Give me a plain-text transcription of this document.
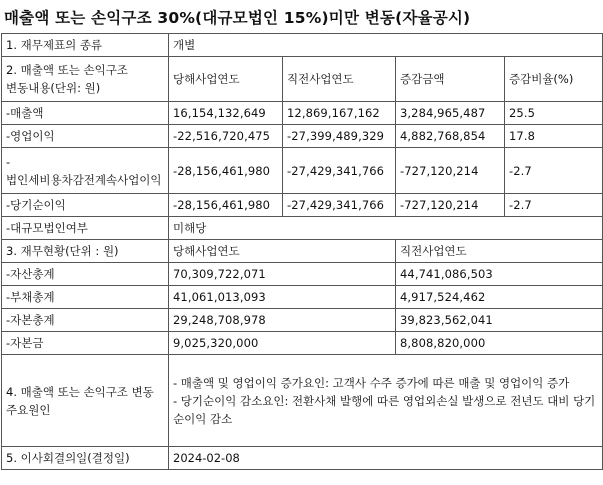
매출액 또는 손익구조 30%(대규모법인 15%)미만 변동(자율공시)
1. 재무제표의 종류	개별			
2. 매출액 또는 손익구조 변동내용(단위: 원)	당해사업연도	직전사업연도	증감금액	증감비율(%)
-매출액	16,154,132,649	12,869,167,162	3,284,965,487	25.5
-영업이익	-22,516,720,475	-27,399,489,329	4,882,768,854	17.8
-법인세비용차감전계속사업이익	-28,156,461,980	-27,429,341,766	-727,120,214	-2.7
-당기순이익	-28,156,461,980	-27,429,341,766	-727,120,214	-2.7
-대규모법인여부	미해당			
3. 재무현황(단위 : 원)	당해사업연도		직전사업연도	
-자산총계	70,309,722,071		44,741,086,503	
-부채총계	41,061,013,093		4,917,524,462	
-자본총계	29,248,708,978		39,823,562,041	
-자본금	9,025,320,000		8,808,820,000	
4. 매출액 또는 손익구조 변동 주요원인	- 매출액 및 영업이익 증가요인: 고객사 수주 증가에 따른 매출 및 영업이익 증가
- 당기순이익 감소요인: 전환사채 발행에 따른 영업외손실 발생으로 전년도 대비 당기순이익 감소			
5. 이사회결의일(결정일)	2024-02-08			
